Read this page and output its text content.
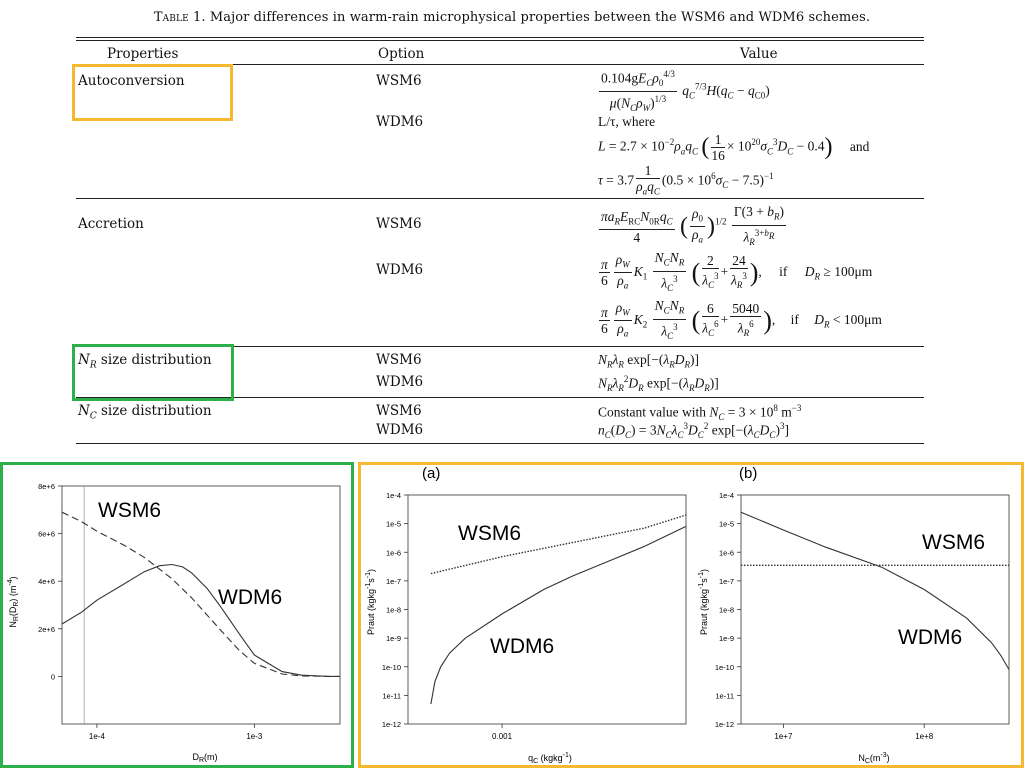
Table 1. Major differences in warm-rain microphysical properties between the WSM6 and WDM6 schemes.
Properties	Option	Value
Autoconversion	WSM6	$\frac{0.104gE_C\rho_0^{4/3}}{\mu(N_C\rho_W)^{1/3}} q_C^{7/3}H(q_C - q_{C0})$
WDM6	L/τ, where
$L = 2.7 \times 10^{-2}\rho_aq_C$ ( $\frac{1}{16} \times 10^{20}\sigma_C^3D_C - 0.4$) and
$\tau = 3.7 \frac{1}{\rho_aq_C} (0.5 \times 10^6\sigma_C - 7.5)^{-1}$
Accretion	WSM6	$\frac{\pi a_RE_{RC}N_{0R}q_C}{4}$ ( $\frac{\rho_0}{\rho_a} )^{1/2} \frac{\Gamma(3 + b_R)}{\lambda_R^{3+b_R}}$
WDM6	$\frac{\pi}{6} \frac{\rho_W}{\rho_a} K_1 \frac{N_CN_R}{\lambda_C^3}$ ( $\frac{2}{\lambda_C^3} + \frac{24}{\lambda_R^3}$ ), if $D_R \ge 100\mu m$
$\frac{\pi}{6} \frac{\rho_W}{\rho_a} K_2 \frac{N_CN_R}{\lambda_C^3}$ ( $\frac{6}{\lambda_C^6} + \frac{5040}{\lambda_R^6}$ ), if $D_R < 100\mu m$
$N_R$ size distribution	WSM6	$N_R\lambda_R$ $\exp[-(\lambda_RD_R)]$
WDM6	$N_R\lambda_R^2D_R$ $\exp[-(\lambda_RD_R)]$
$N_C$ size distribution	WSM6	Constant value with $N_C = 3 \times 10^8$ $m^{-3}$
WDM6	$n_C(D_C) = 3N_C\lambda_C^3D_C^2$ $\exp[-(\lambda_CD_C)^3]$
1e-4	1e-3
8e+6
6e+6
4e+6
2e+6
0
WSM6
WDM6
$D_R(m)$
$N_R(D_R)$ $(m^{-4})$
(a)
0.001
1e-4
1e-5
1e-6
1e-7
1e-8
1e-9
1e-10
1e-11
1e-12
WSM6
WDM6
$q_C$ (kgkg$^{-1}$)
Praut $(kgkg^{-1}s^{-1})$
(b)
1e+7	1e+8
1e-4
1e-5
1e-6
1e-7
1e-8
1e-9
1e-10
1e-11
1e-12
WSM6
WDM6
$N_C(m^{-3})$
Praut $(kgkg^{-1}s^{-1})$
